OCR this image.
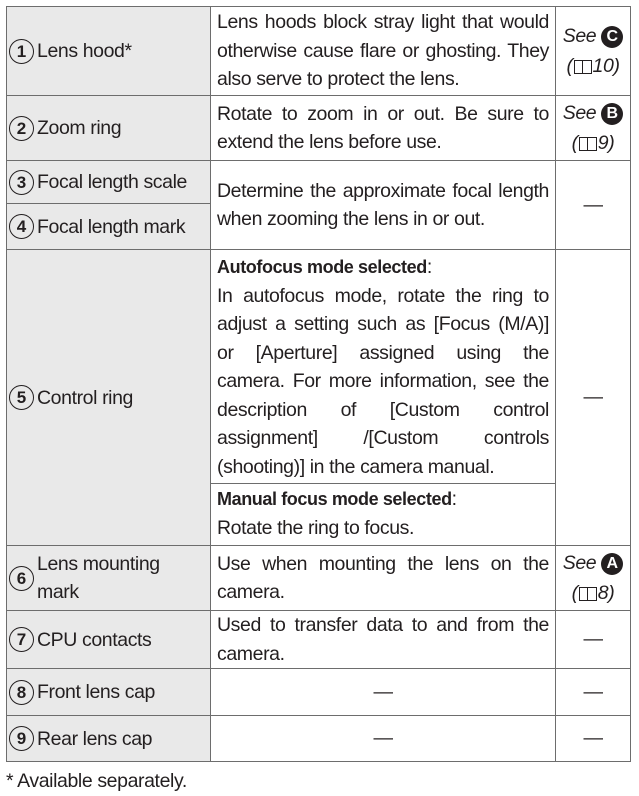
1 Lens hood*	Lens hoods block stray light that would otherwise cause flare or ghosting. They also serve to protect the lens.	See C
( 10)

2 Zoom ring	Rotate to zoom in or out. Be sure to extend the lens before use.	See B
( 9)

3 Focal length scale	Determine the approximate focal length when zooming the lens in or out.	—

4 Focal length mark		

5 Control ring	Autofocus mode selected:
In autofocus mode, rotate the ring to adjust a setting such as [Focus (M/A)] or [Aperture] assigned using the camera. For more information, see the description of [Custom control assignment] /[Custom controls (shooting)] in the camera manual.	—
	Manual focus mode selected:
Rotate the ring to focus.	

6
Lens mounting mark	Use when mounting the lens on the camera.	See A
( 8)

7 CPU contacts	Used to transfer data to and from the camera.	—

8 Front lens cap	—	—

9 Rear lens cap	—	—
* Available separately.
